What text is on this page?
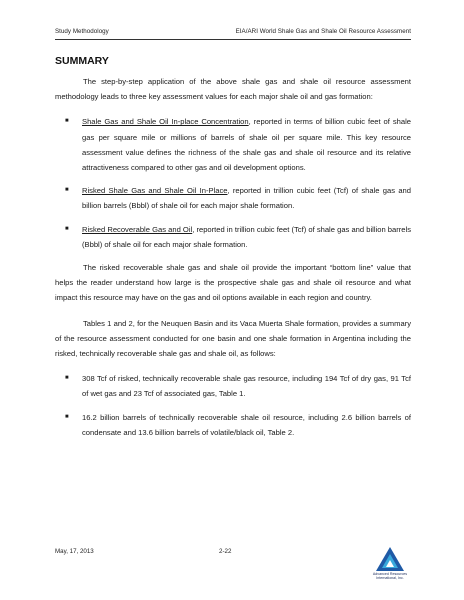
Study Methodology	EIA/ARI World Shale Gas and Shale Oil Resource Assessment
SUMMARY

The step-by-step application of the above shale gas and shale oil resource assessment methodology leads to three key assessment values for each major shale oil and gas formation:

■ Shale Gas and Shale Oil In-place Concentration, reported in terms of billion cubic feet of shale gas per square mile or millions of barrels of shale oil per square mile. This key resource assessment value defines the richness of the shale gas and shale oil resource and its relative attractiveness compared to other gas and oil development options.
■ Risked Shale Gas and Shale Oil In-Place, reported in trillion cubic feet (Tcf) of shale gas and billion barrels (Bbbl) of shale oil for each major shale formation.
■ Risked Recoverable Gas and Oil, reported in trillion cubic feet (Tcf) of shale gas and billion barrels (Bbbl) of shale oil for each major shale formation.

The risked recoverable shale gas and shale oil provide the important “bottom line” value that helps the reader understand how large is the prospective shale gas and shale oil resource and what impact this resource may have on the gas and oil options available in each region and country.

Tables 1 and 2, for the Neuquen Basin and its Vaca Muerta Shale formation, provides a summary of the resource assessment conducted for one basin and one shale formation in Argentina including the risked, technically recoverable shale gas and shale oil, as follows:

■ 308 Tcf of risked, technically recoverable shale gas resource, including 194 Tcf of dry gas, 91 Tcf of wet gas and 23 Tcf of associated gas, Table 1.
■ 16.2 billion barrels of technically recoverable shale oil resource, including 2.6 billion barrels of condensate and 13.6 billion barrels of volatile/black oil, Table 2.
May, 17, 2013	2-22
Advanced Resources
International, Inc.
